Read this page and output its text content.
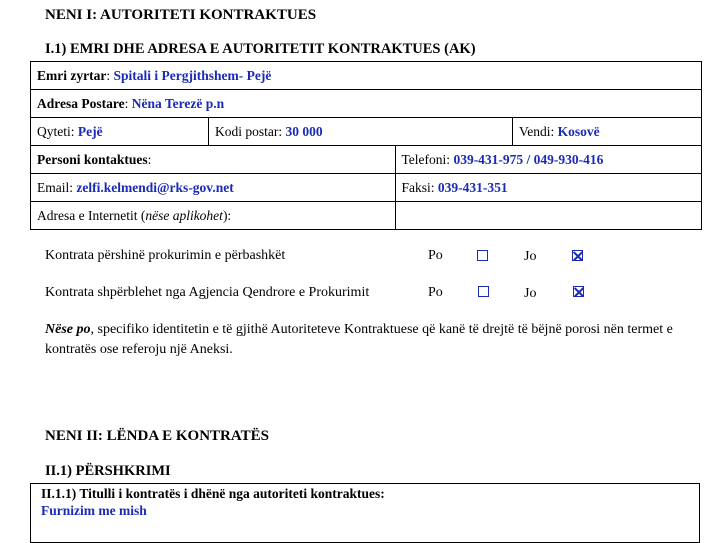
NENI I: AUTORITETI KONTRAKTUES
I.1) EMRI DHE ADRESA E AUTORITETIT KONTRAKTUES (AK)
Emri zyrtar: Spitali i Pergjithshem- Pejë			
Adresa Postare: Nëna Terezë p.n			
Qyteti: Pejë	Kodi postar: 30 000		Vendi: Kosovë
Personi kontaktues:		Telefoni: 039-431-975 / 049-930-416	
Email: zelfi.kelmendi@rks-gov.net		Faksi: 039-431-351	
Adresa e Internetit (nëse aplikohet):			
Kontrata përshinë prokurimin e përbashkët	Po	Jo
Kontrata shpërblehet nga Agjencia Qendrore e Prokurimit	Po	Jo
Nëse po, specifiko identitetin e të gjithë Autoriteteve Kontraktuese që kanë të drejtë të bëjnë porosi nën termet e kontratës ose referoju një Aneksi.
NENI II: LËNDA E KONTRATËS
II.1) PËRSHKRIMI
II.1.1) Titulli i kontratës i dhënë nga autoriteti kontraktues:
Furnizim me mish
